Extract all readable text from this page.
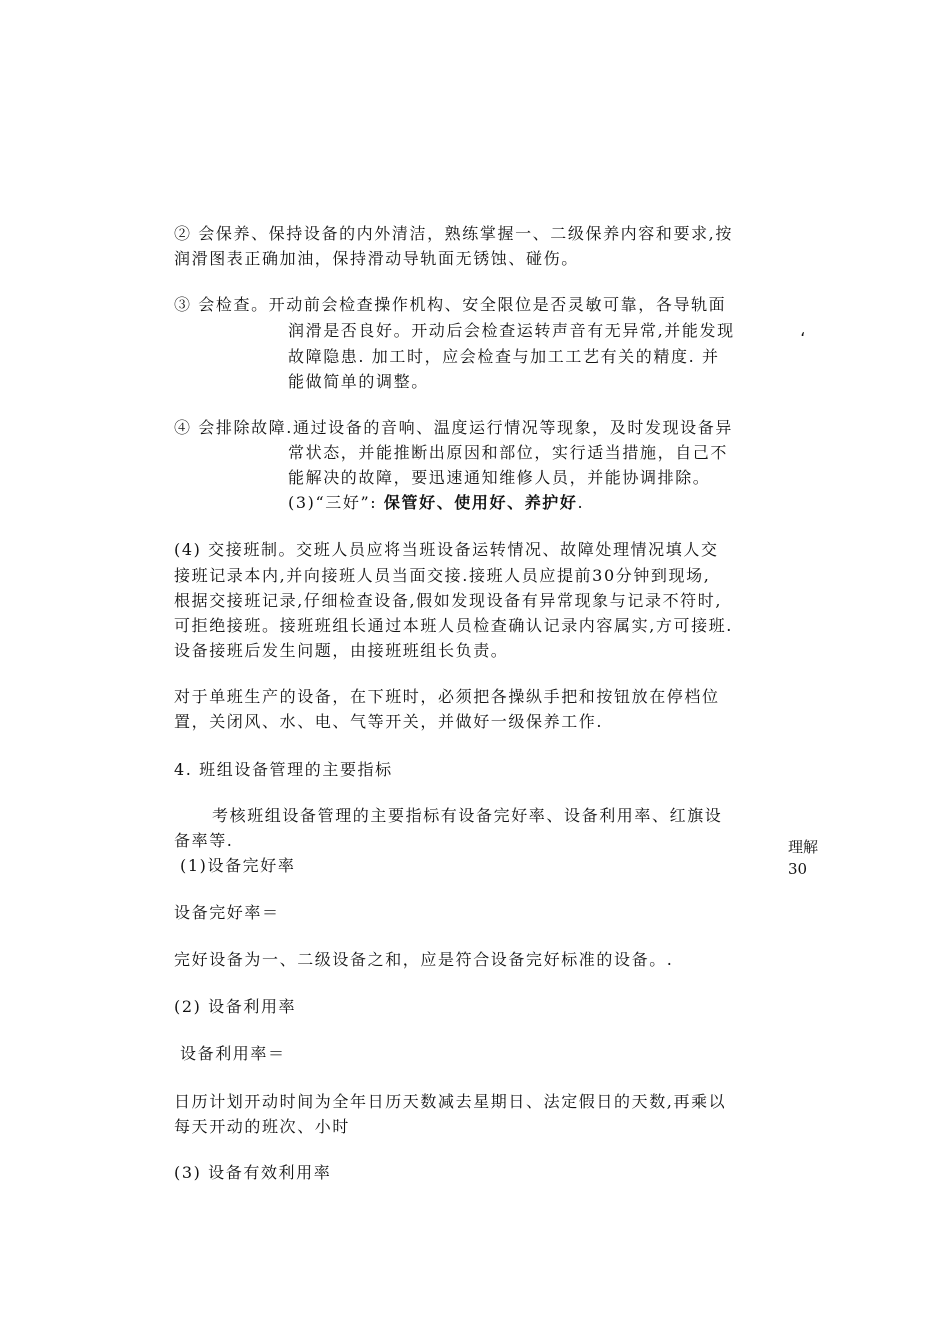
② 会保养、保持设备的内外清洁，熟练掌握一、二级保养内容和要求,按
润滑图表正确加油，保持滑动导轨面无锈蚀、碰伤。
③ 会检查。开动前会检查操作机构、安全限位是否灵敏可靠，各导轨面
润滑是否良好。开动后会检查运转声音有无异常,并能发现	،
故障隐患. 加工时，应会检查与加工工艺有关的精度. 并
能做简单的调整。
④ 会排除故障.通过设备的音响、温度运行情况等现象，及时发现设备异
常状态，并能推断出原因和部位，实行适当措施，自己不
能解决的故障，要迅速通知维修人员，并能协调排除。
(3)“三好”: 保管好、使用好、养护好.
(4) 交接班制。交班人员应将当班设备运转情况、故障处理情况填人交
接班记录本内,并向接班人员当面交接.接班人员应提前30分钟到现场,
根据交接班记录,仔细检查设备,假如发现设备有异常现象与记录不符时,
可拒绝接班。接班班组长通过本班人员检查确认记录内容属实,方可接班.
设备接班后发生问题，由接班班组长负责。
对于单班生产的设备，在下班时，必须把各操纵手把和按钮放在停档位
置，关闭风、水、电、气等开关，并做好一级保养工作.
4. 班组设备管理的主要指标
考核班组设备管理的主要指标有设备完好率、设备利用率、红旗设
备率等.
(1)设备完好率
理解
30
设备完好率＝
完好设备为一、二级设备之和，应是符合设备完好标准的设备。.
(2) 设备利用率
设备利用率＝
日历计划开动时间为全年日历天数减去星期日、法定假日的天数,再乘以
每天开动的班次、小时
(3) 设备有效利用率
